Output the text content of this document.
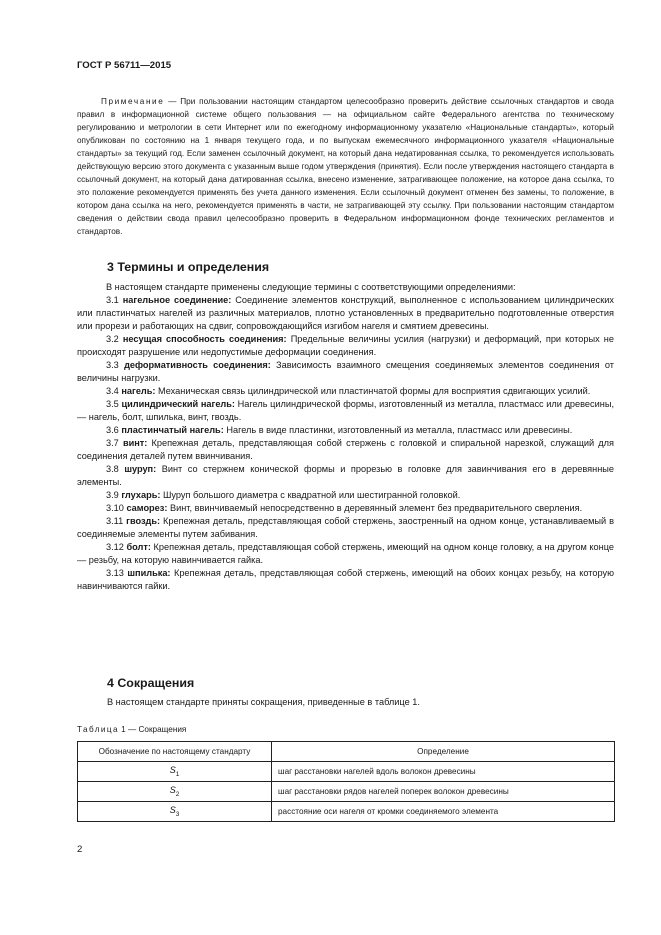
ГОСТ Р 56711—2015
Примечание — При пользовании настоящим стандартом целесообразно проверить действие ссылочных стандартов и свода правил в информационной системе общего пользования — на официальном сайте Федерального агентства по техническому регулированию и метрологии в сети Интернет или по ежегодному информационному указателю «Национальные стандарты», который опубликован по состоянию на 1 января текущего года, и по выпускам ежемесячного информационного указателя «Национальные стандарты» за текущий год. Если заменен ссылочный документ, на который дана недатированная ссылка, то рекомендуется использовать действующую версию этого документа с указанным выше годом утверждения (принятия). Если после утверждения настоящего стандарта в ссылочный документ, на который дана датированная ссылка, внесено изменение, затрагивающее положение, на которое дана ссылка, то это положение рекомендуется применять без учета данного изменения. Если ссылочный документ отменен без замены, то положение, в котором дана ссылка на него, рекомендуется применять в части, не затрагивающей эту ссылку. При пользовании настоящим стандартом сведения о действии свода правил целесообразно проверить в Федеральном информационном фонде технических регламентов и стандартов.
3 Термины и определения

В настоящем стандарте применены следующие термины с соответствующими определениями:

3.1 нагельное соединение: Соединение элементов конструкций, выполненное с использованием цилиндрических или пластинчатых нагелей из различных материалов, плотно установленных в предварительно подготовленные отверстия или прорези и работающих на сдвиг, сопровождающийся изгибом нагеля и смятием древесины.

3.2 несущая способность соединения: Предельные величины усилия (нагрузки) и деформаций, при которых не происходят разрушение или недопустимые деформации соединения.

3.3 деформативность соединения: Зависимость взаимного смещения соединяемых элементов соединения от величины нагрузки.

3.4 нагель: Механическая связь цилиндрической или пластинчатой формы для восприятия сдвигающих усилий.

3.5 цилиндрический нагель: Нагель цилиндрической формы, изготовленный из металла, пластмасс или древесины, — нагель, болт, шпилька, винт, гвоздь.

3.6 пластинчатый нагель: Нагель в виде пластинки, изготовленный из металла, пластмасс или древесины.

3.7 винт: Крепежная деталь, представляющая собой стержень с головкой и спиральной нарезкой, служащий для соединения деталей путем ввинчивания.

3.8 шуруп: Винт со стержнем конической формы и прорезью в головке для завинчивания его в деревянные элементы.

3.9 глухарь: Шуруп большого диаметра с квадратной или шестигранной головкой.

3.10 саморез: Винт, ввинчиваемый непосредственно в деревянный элемент без предварительного сверления.

3.11 гвоздь: Крепежная деталь, представляющая собой стержень, заостренный на одном конце, устанавливаемый в соединяемые элементы путем забивания.

3.12 болт: Крепежная деталь, представляющая собой стержень, имеющий на одном конце головку, а на другом конце — резьбу, на которую навинчивается гайка.

3.13 шпилька: Крепежная деталь, представляющая собой стержень, имеющий на обоих концах резьбу, на которую навинчиваются гайки.

4 Сокращения
В настоящем стандарте приняты сокращения, приведенные в таблице 1.
Таблица 1 — Сокращения
Обозначение по настоящему стандарту	Определение
$S_1$	шаг расстановки нагелей вдоль волокон древесины
$S_2$	шаг расстановки рядов нагелей поперек волокон древесины
$S_3$	расстояние оси нагеля от кромки соединяемого элемента
2
